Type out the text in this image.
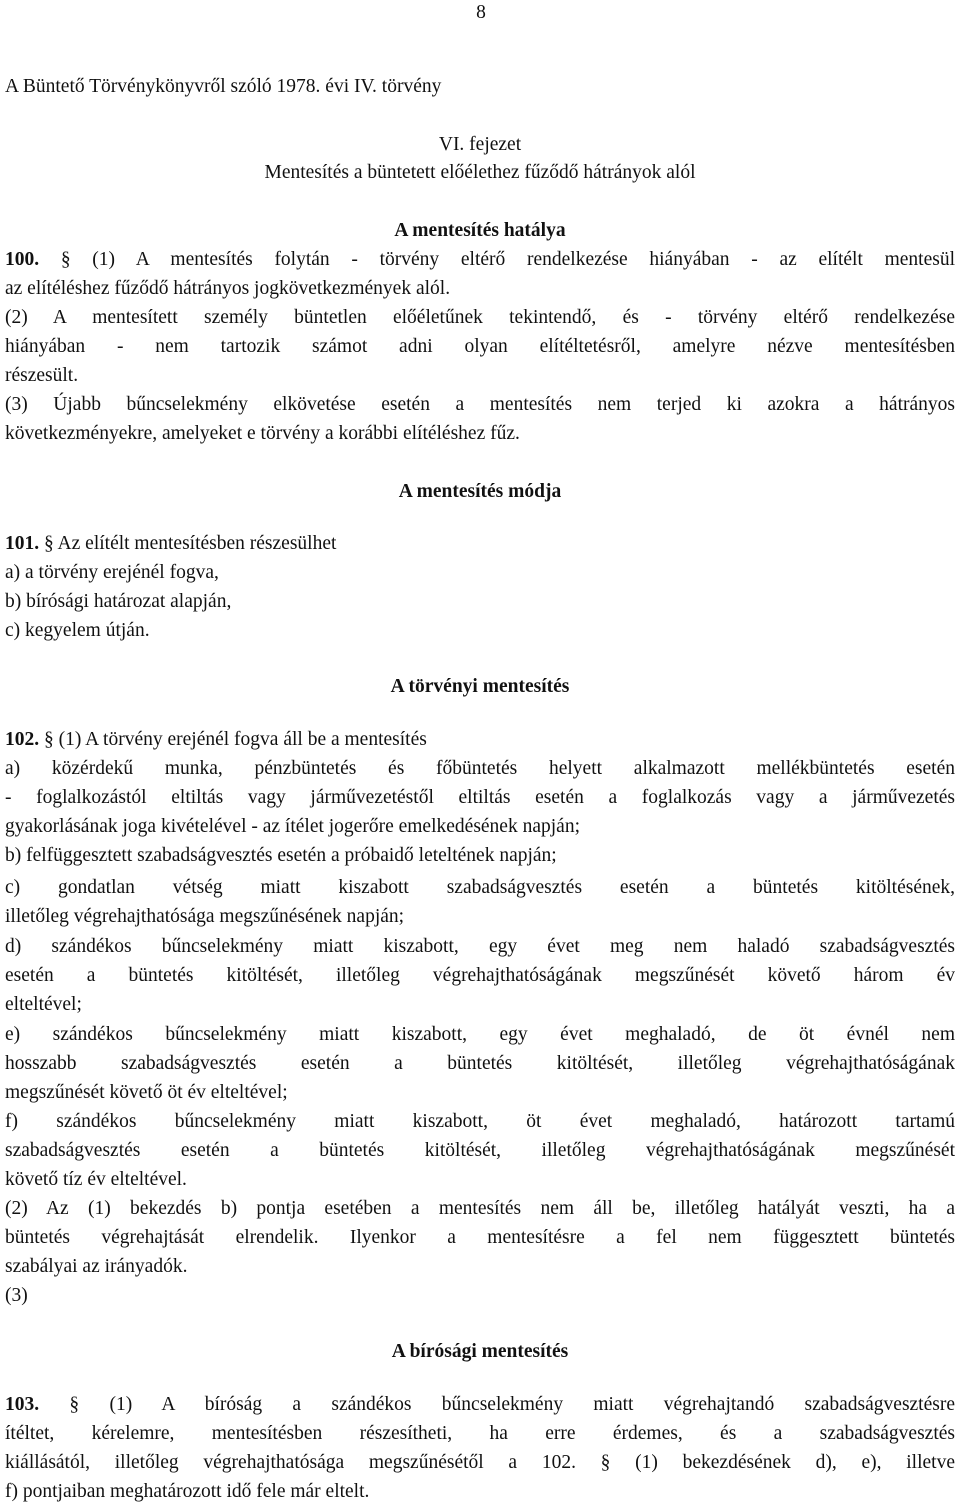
8
A Büntető Törvénykönyvről szóló 1978. évi IV. törvény
VI. fejezet
Mentesítés a büntetett előélethez fűződő hátrányok alól
A mentesítés hatálya
100. § (1) A mentesítés folytán - törvény eltérő rendelkezése hiányában - az elítélt mentesül
az elítéléshez fűződő hátrányos jogkövetkezmények alól.
(2) A mentesített személy büntetlen előéletűnek tekintendő, és - törvény eltérő rendelkezése
hiányában - nem tartozik számot adni olyan elítéltetésről, amelyre nézve mentesítésben
részesült.
(3) Újabb bűncselekmény elkövetése esetén a mentesítés nem terjed ki azokra a hátrányos
következményekre, amelyeket e törvény a korábbi elítéléshez fűz.
A mentesítés módja
101. § Az elítélt mentesítésben részesülhet
a) a törvény erejénél fogva,
b) bírósági határozat alapján,
c) kegyelem útján.
A törvényi mentesítés
102. § (1) A törvény erejénél fogva áll be a mentesítés
a) közérdekű munka, pénzbüntetés és főbüntetés helyett alkalmazott mellékbüntetés esetén
- foglalkozástól eltiltás vagy járművezetéstől eltiltás esetén a foglalkozás vagy a járművezetés
gyakorlásának joga kivételével - az ítélet jogerőre emelkedésének napján;
b) felfüggesztett szabadságvesztés esetén a próbaidő leteltének napján;
c) gondatlan vétség miatt kiszabott szabadságvesztés esetén a büntetés kitöltésének,
illetőleg végrehajthatósága megszűnésének napján;
d) szándékos bűncselekmény miatt kiszabott, egy évet meg nem haladó szabadságvesztés
esetén a büntetés kitöltését, illetőleg végrehajthatóságának megszűnését követő három év
elteltével;
e) szándékos bűncselekmény miatt kiszabott, egy évet meghaladó, de öt évnél nem
hosszabb szabadságvesztés esetén a büntetés kitöltését, illetőleg végrehajthatóságának
megszűnését követő öt év elteltével;
f) szándékos bűncselekmény miatt kiszabott, öt évet meghaladó, határozott tartamú
szabadságvesztés esetén a büntetés kitöltését, illetőleg végrehajthatóságának megszűnését
követő tíz év elteltével.
(2) Az (1) bekezdés b) pontja esetében a mentesítés nem áll be, illetőleg hatályát veszti, ha a
büntetés végrehajtását elrendelik. Ilyenkor a mentesítésre a fel nem függesztett büntetés
szabályai az irányadók.
(3)
A bírósági mentesítés
103. § (1) A bíróság a szándékos bűncselekmény miatt végrehajtandó szabadságvesztésre
ítéltet, kérelemre, mentesítésben részesítheti, ha erre érdemes, és a szabadságvesztés
kiállásától, illetőleg végrehajthatósága megszűnésétől a 102. § (1) bekezdésének d), e), illetve
f) pontjaiban meghatározott idő fele már eltelt.
